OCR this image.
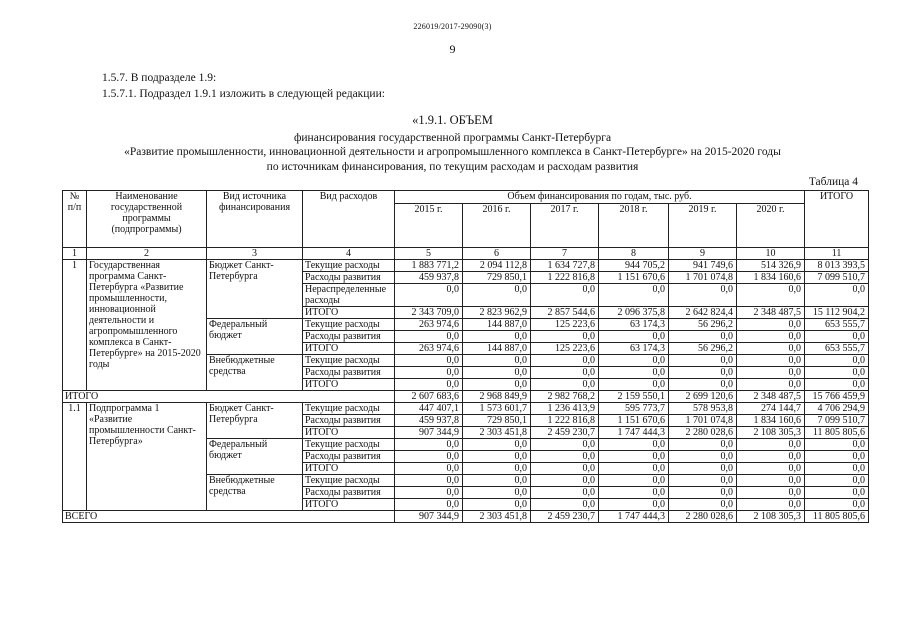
226019/2017-29090(3)
9
1.5.7. В подразделе 1.9:
1.5.7.1. Подраздел 1.9.1 изложить в следующей редакции:
«1.9.1. ОБЪЕМ
финансирования государственной программы Санкт-Петербурга
«Развитие промышленности, инновационной деятельности и агропромышленного комплекса в Санкт-Петербурге» на 2015-2020 годы
по источникам финансирования, по текущим расходам и расходам развития
Таблица 4
№ п/п	Наименование государственной программы (подпрограммы)	Вид источника финансирования	Вид расходов	Объем финансирования по годам, тыс. руб.						ИТОГО
				2015 г.	2016 г.	2017 г.	2018 г.	2019 г.	2020 г.	
1	2	3	4	5	6	7	8	9	10	11
1	Государственная программа Санкт-Петербурга «Развитие промышленности, инновационной деятельности и агропромышленного комплекса в Санкт-Петербурге» на 2015-2020 годы	Бюджет Санкт-Петербурга	Текущие расходы	1 883 771,2	2 094 112,8	1 634 727,8	944 705,2	941 749,6	514 326,9	8 013 393,5
			Расходы развития	459 937,8	729 850,1	1 222 816,8	1 151 670,6	1 701 074,8	1 834 160,6	7 099 510,7
			Нераспределенные расходы	0,0	0,0	0,0	0,0	0,0	0,0	0,0
			ИТОГО	2 343 709,0	2 823 962,9	2 857 544,6	2 096 375,8	2 642 824,4	2 348 487,5	15 112 904,2
		Федеральный бюджет	Текущие расходы	263 974,6	144 887,0	125 223,6	63 174,3	56 296,2	0,0	653 555,7
			Расходы развития	0,0	0,0	0,0	0,0	0,0	0,0	0,0
			ИТОГО	263 974,6	144 887,0	125 223,6	63 174,3	56 296,2	0,0	653 555,7
		Внебюджетные средства	Текущие расходы	0,0	0,0	0,0	0,0	0,0	0,0	0,0
			Расходы развития	0,0	0,0	0,0	0,0	0,0	0,0	0,0
			ИТОГО	0,0	0,0	0,0	0,0	0,0	0,0	0,0
ИТОГО				2 607 683,6	2 968 849,9	2 982 768,2	2 159 550,1	2 699 120,6	2 348 487,5	15 766 459,9
1.1	Подпрограмма 1 «Развитие промышленности Санкт-Петербурга»	Бюджет Санкт-Петербурга	Текущие расходы	447 407,1	1 573 601,7	1 236 413,9	595 773,7	578 953,8	274 144,7	4 706 294,9
			Расходы развития	459 937,8	729 850,1	1 222 816,8	1 151 670,6	1 701 074,8	1 834 160,6	7 099 510,7
			ИТОГО	907 344,9	2 303 451,8	2 459 230,7	1 747 444,3	2 280 028,6	2 108 305,3	11 805 805,6
		Федеральный бюджет	Текущие расходы	0,0	0,0	0,0	0,0	0,0	0,0	0,0
			Расходы развития	0,0	0,0	0,0	0,0	0,0	0,0	0,0
			ИТОГО	0,0	0,0	0,0	0,0	0,0	0,0	0,0
		Внебюджетные средства	Текущие расходы	0,0	0,0	0,0	0,0	0,0	0,0	0,0
			Расходы развития	0,0	0,0	0,0	0,0	0,0	0,0	0,0
			ИТОГО	0,0	0,0	0,0	0,0	0,0	0,0	0,0
ВСЕГО				907 344,9	2 303 451,8	2 459 230,7	1 747 444,3	2 280 028,6	2 108 305,3	11 805 805,6
